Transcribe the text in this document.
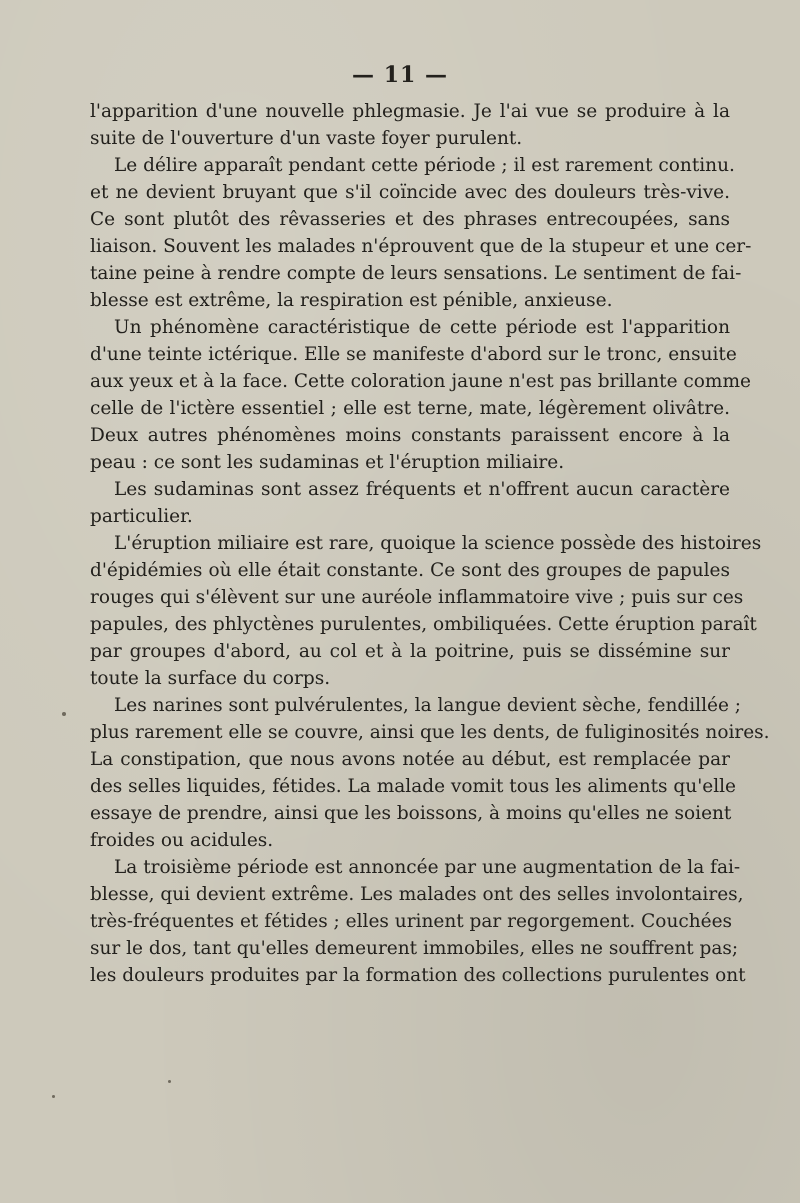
— 11 —
l'apparition d'une nouvelle phlegmasie. Je l'ai vue se produire à la
suite de l'ouverture d'un vaste foyer purulent.
Le délire apparaît pendant cette période ; il est rarement continu.
et ne devient bruyant que s'il coïncide avec des douleurs très-vive.
Ce sont plutôt des rêvasseries et des phrases entrecoupées, sans
liaison. Souvent les malades n'éprouvent que de la stupeur et une cer-
taine peine à rendre compte de leurs sensations. Le sentiment de fai-
blesse est extrême, la respiration est pénible, anxieuse.
Un phénomène caractéristique de cette période est l'apparition
d'une teinte ictérique. Elle se manifeste d'abord sur le tronc, ensuite
aux yeux et à la face. Cette coloration jaune n'est pas brillante comme
celle de l'ictère essentiel ; elle est terne, mate, légèrement olivâtre.
Deux autres phénomènes moins constants paraissent encore à la
peau : ce sont les sudaminas et l'éruption miliaire.
Les sudaminas sont assez fréquents et n'offrent aucun caractère
particulier.
L'éruption miliaire est rare, quoique la science possède des histoires
d'épidémies où elle était constante. Ce sont des groupes de papules
rouges qui s'élèvent sur une auréole inflammatoire vive ; puis sur ces
papules, des phlyctènes purulentes, ombiliquées. Cette éruption paraît
par groupes d'abord, au col et à la poitrine, puis se dissémine sur
toute la surface du corps.
Les narines sont pulvérulentes, la langue devient sèche, fendillée ;
plus rarement elle se couvre, ainsi que les dents, de fuliginosités noires.
La constipation, que nous avons notée au début, est remplacée par
des selles liquides, fétides. La malade vomit tous les aliments qu'elle
essaye de prendre, ainsi que les boissons, à moins qu'elles ne soient
froides ou acidules.
La troisième période est annoncée par une augmentation de la fai-
blesse, qui devient extrême. Les malades ont des selles involontaires,
très-fréquentes et fétides ; elles urinent par regorgement. Couchées
sur le dos, tant qu'elles demeurent immobiles, elles ne souffrent pas;
les douleurs produites par la formation des collections purulentes ont
